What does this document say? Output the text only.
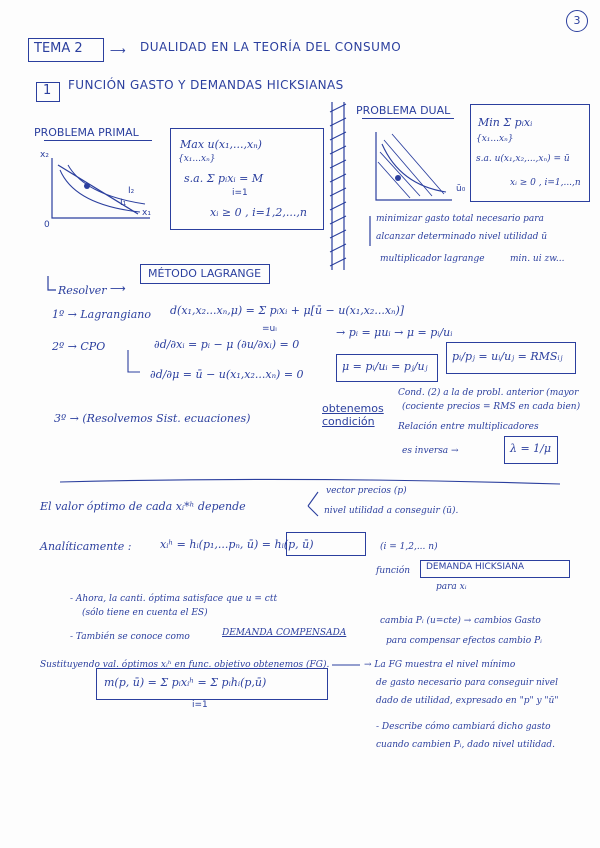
3
TEMA 2 ⟶ DUALIDAD EN LA TEORÍA DEL CONSUMO
1 FUNCIÓN GASTO Y DEMANDAS HICKSIANAS
PROBLEMA PRIMAL
x₂
x₁
0
I₂
I₁
Max u(x₁,...,xₙ)
{x₁...xₙ}
s.a. Σ pᵢxᵢ = M
i=1
xᵢ ≥ 0 , i=1,2,...,n
PROBLEMA DUAL
ū₀
Min Σ pᵢxᵢ
{x₁...xₙ}
s.a. u(x₁,x₂,...,xₙ) = ū
xᵢ ≥ 0 , i=1,...,n
minimizar gasto total necesario para
alcanzar determinado nivel utilidad ū
Resolver ⟶
MÉTODO LAGRANGE
multiplicador lagrange	min. ui zw...
1º → Lagrangiano d(x₁,x₂...xₙ,μ) = Σ pᵢxᵢ + μ[ū − u(x₁,x₂...xₙ)]
2º → CPO	∂d/∂xᵢ = pᵢ − μ (∂u/∂xᵢ) = 0
=uᵢ
∂d/∂μ = ū − u(x₁,x₂...xₙ) = 0
→ pᵢ = μuᵢ → μ = pᵢ/uᵢ
μ = pᵢ/uᵢ = pⱼ/uⱼ
pᵢ/pⱼ = uᵢ/uⱼ = RMSᵢⱼ
3º → (Resolvemos Sist. ecuaciones)
obtenemos condición
Cond. (2) a la de probl. anterior (mayor
(cociente precios = RMS en cada bien)
Relación entre multiplicadores
es inversa →	λ = 1/μ
El valor óptimo de cada xᵢ*ʰ depende
vector precios (p)
nivel utilidad a conseguir (ū).
Analíticamente :	xᵢʰ = hᵢ(p₁,...pₙ, ū) = hᵢ(p, ū)	(i = 1,2,... n)
función DEMANDA HICKSIANA
para xᵢ
- Ahora, la canti. óptima satisface que u = ctt
(sólo tiene en cuenta el ES)
- También se conoce como	DEMANDA COMPENSADA
cambia Pᵢ (u=cte) → cambios Gasto
para compensar efectos cambio Pᵢ
Sustituyendo val. óptimos xᵢʰ en func. objetivo obtenemos (FG).
m(p, ū) = Σ pᵢxᵢʰ = Σ pᵢhᵢ(p,ū)
i=1
→ La FG muestra el nivel mínimo
de gasto necesario para conseguir nivel
dado de utilidad, expresado en "p" y "ū"
- Describe cómo cambiará dicho gasto
cuando cambien Pᵢ, dado nivel utilidad.
